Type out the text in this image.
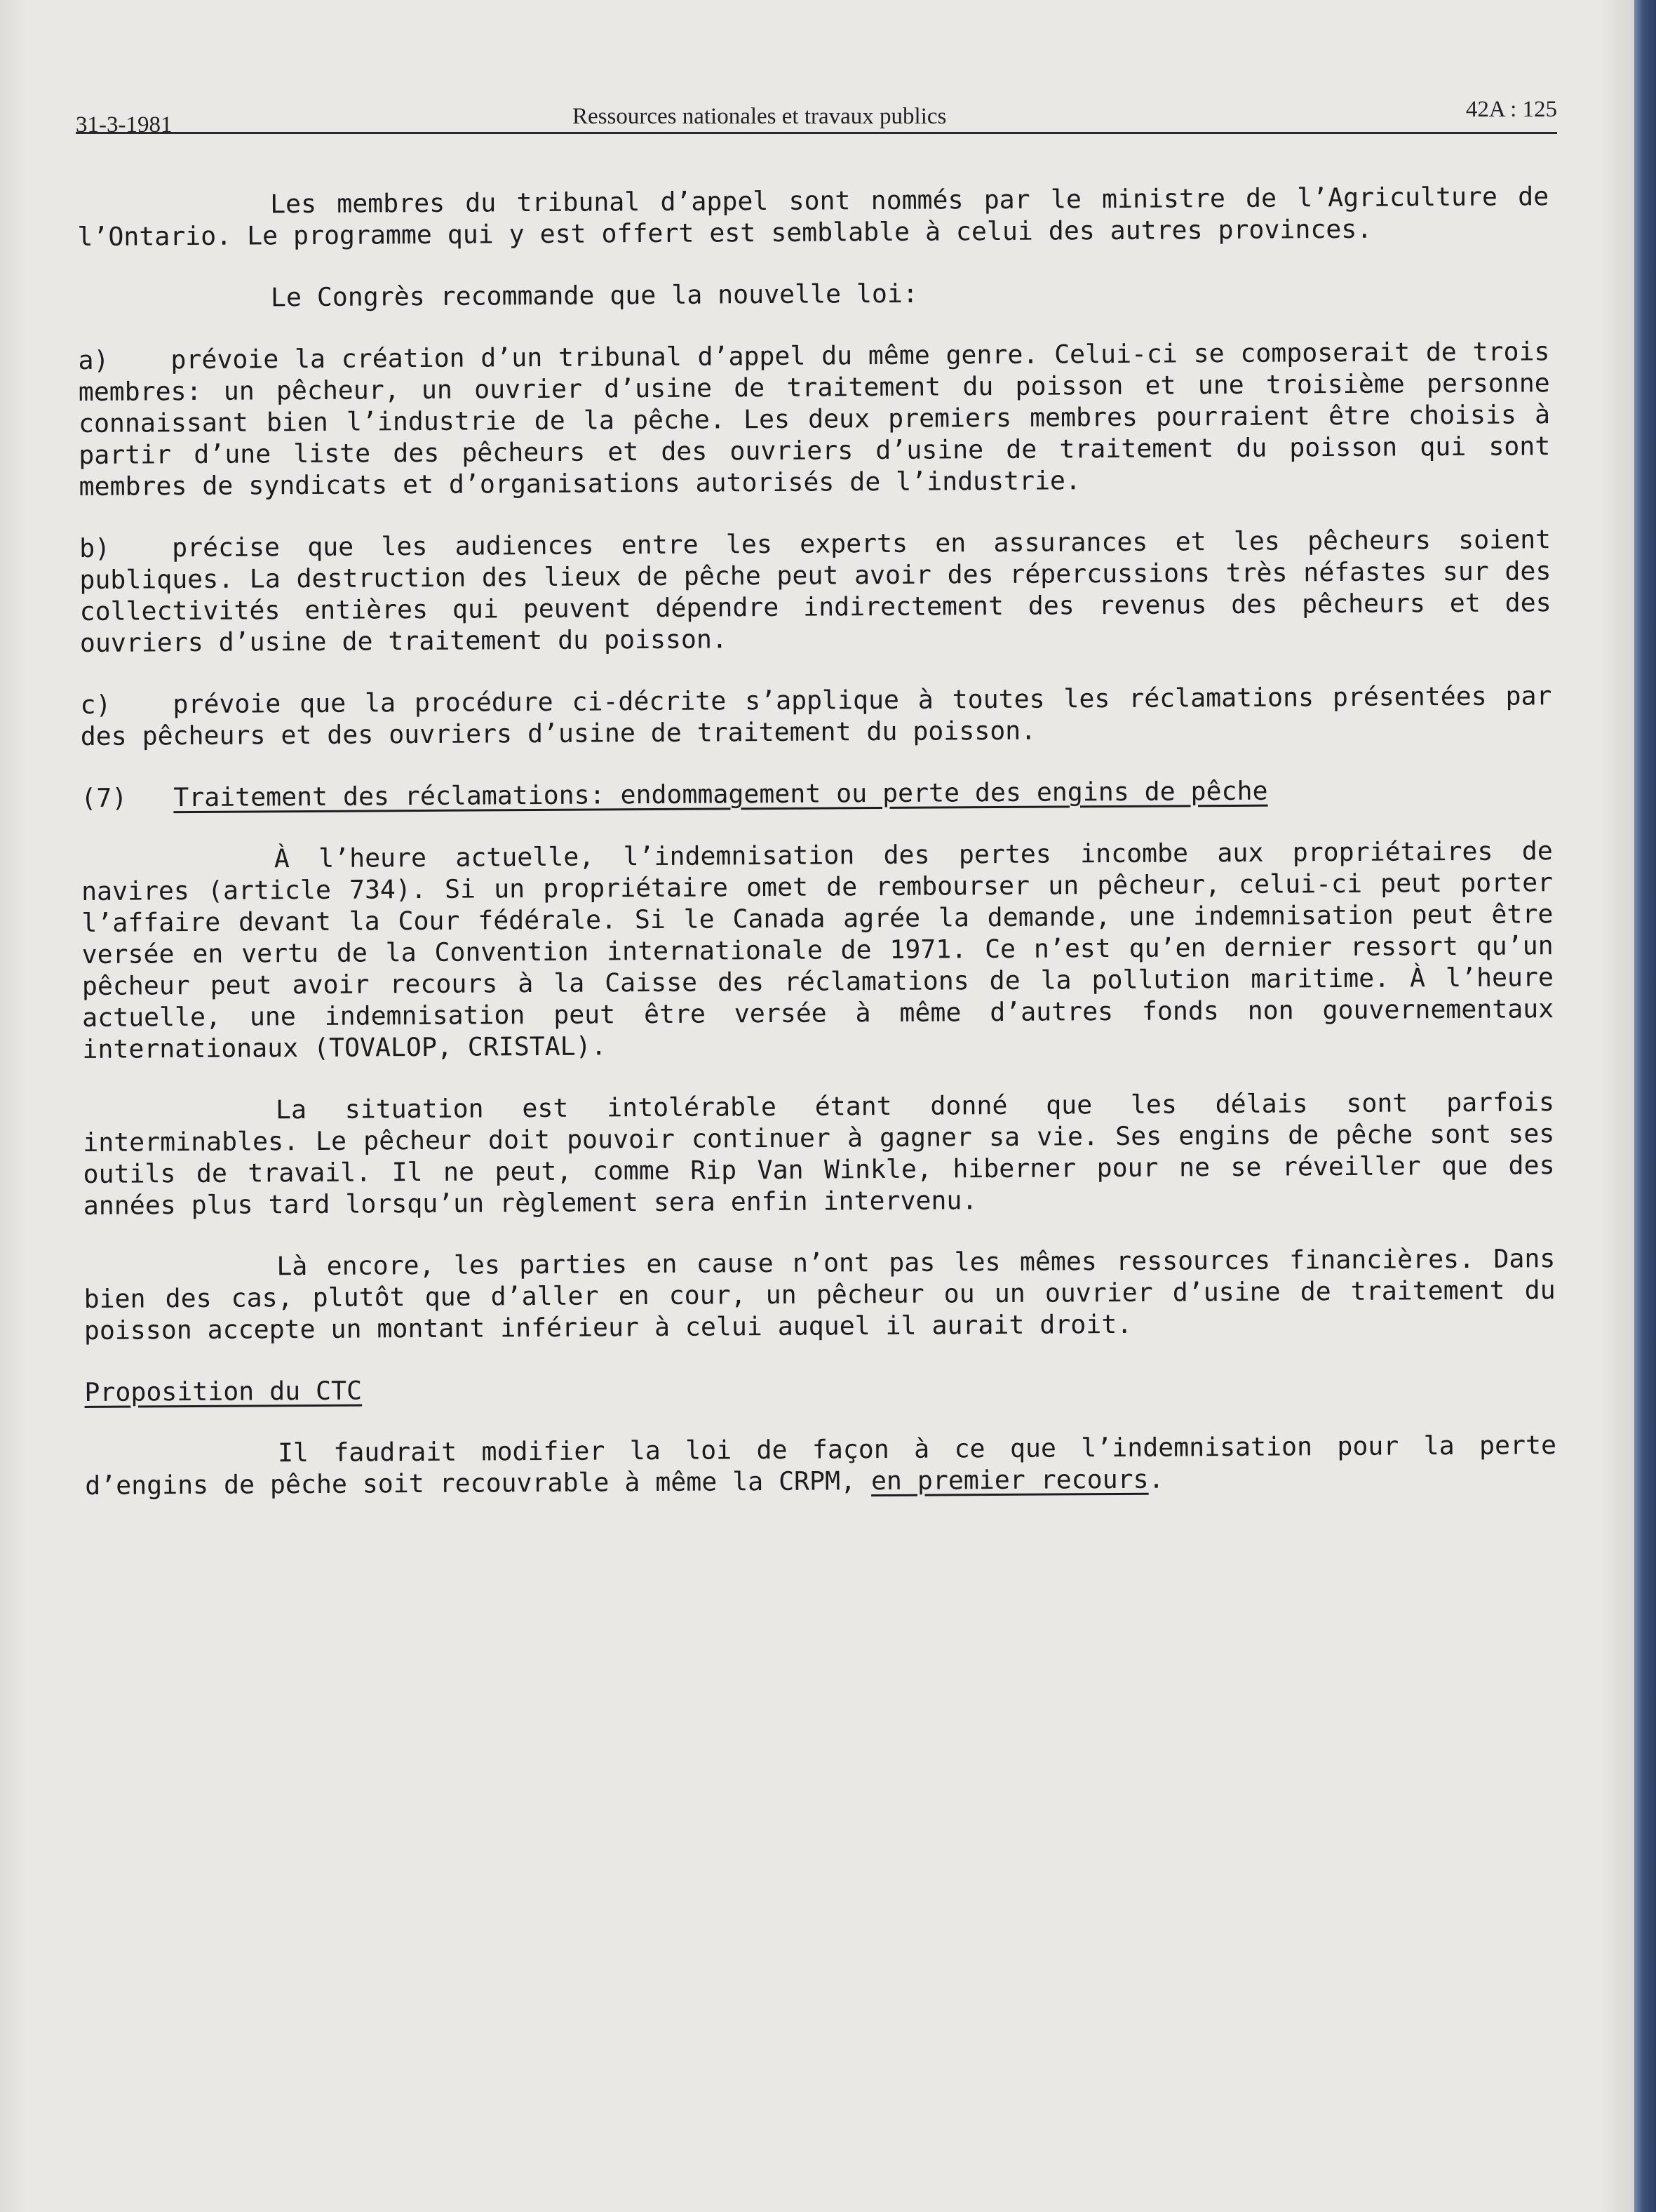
31-3-1981	Ressources nationales et travaux publics	42A : 125

Les membres du tribunal d’appel sont nommés par le ministre de l’Agriculture de l’Ontario. Le programme qui y est offert est semblable à celui des autres provinces.

Le Congrès recommande que la nouvelle loi:

a) prévoie la création d’un tribunal d’appel du même genre. Celui-ci se composerait de trois membres: un pêcheur, un ouvrier d’usine de traitement du poisson et une troisième personne connaissant bien l’industrie de la pêche. Les deux premiers membres pourraient être choisis à partir d’une liste des pêcheurs et des ouvriers d’usine de traitement du poisson qui sont membres de syndicats et d’organisations autorisés de l’industrie.

b) précise que les audiences entre les experts en assurances et les pêcheurs soient publiques. La destruction des lieux de pêche peut avoir des répercussions très néfastes sur des collectivités entières qui peuvent dépendre indirectement des revenus des pêcheurs et des ouvriers d’usine de traitement du poisson.

c) prévoie que la procédure ci-décrite s’applique à toutes les réclamations présentées par des pêcheurs et des ouvriers d’usine de traitement du poisson.

(7) Traitement des réclamations: endommagement ou perte des engins de pêche

À l’heure actuelle, l’indemnisation des pertes incombe aux propriétaires de navires (article 734). Si un propriétaire omet de rembourser un pêcheur, celui-ci peut porter l’affaire devant la Cour fédérale. Si le Canada agrée la demande, une indemnisation peut être versée en vertu de la Convention internationale de 1971. Ce n’est qu’en dernier ressort qu’un pêcheur peut avoir recours à la Caisse des réclamations de la pollution maritime. À l’heure actuelle, une indemnisation peut être versée à même d’autres fonds non gouvernementaux internationaux (TOVALOP, CRISTAL).

La situation est intolérable étant donné que les délais sont parfois interminables. Le pêcheur doit pouvoir continuer à gagner sa vie. Ses engins de pêche sont ses outils de travail. Il ne peut, comme Rip Van Winkle, hiberner pour ne se réveiller que des années plus tard lorsqu’un règlement sera enfin intervenu.

Là encore, les parties en cause n’ont pas les mêmes ressources financières. Dans bien des cas, plutôt que d’aller en cour, un pêcheur ou un ouvrier d’usine de traitement du poisson accepte un montant inférieur à celui auquel il aurait droit.

Proposition du CTC

Il faudrait modifier la loi de façon à ce que l’indemnisation pour la perte d’engins de pêche soit recouvrable à même la CRPM, en premier recours.
